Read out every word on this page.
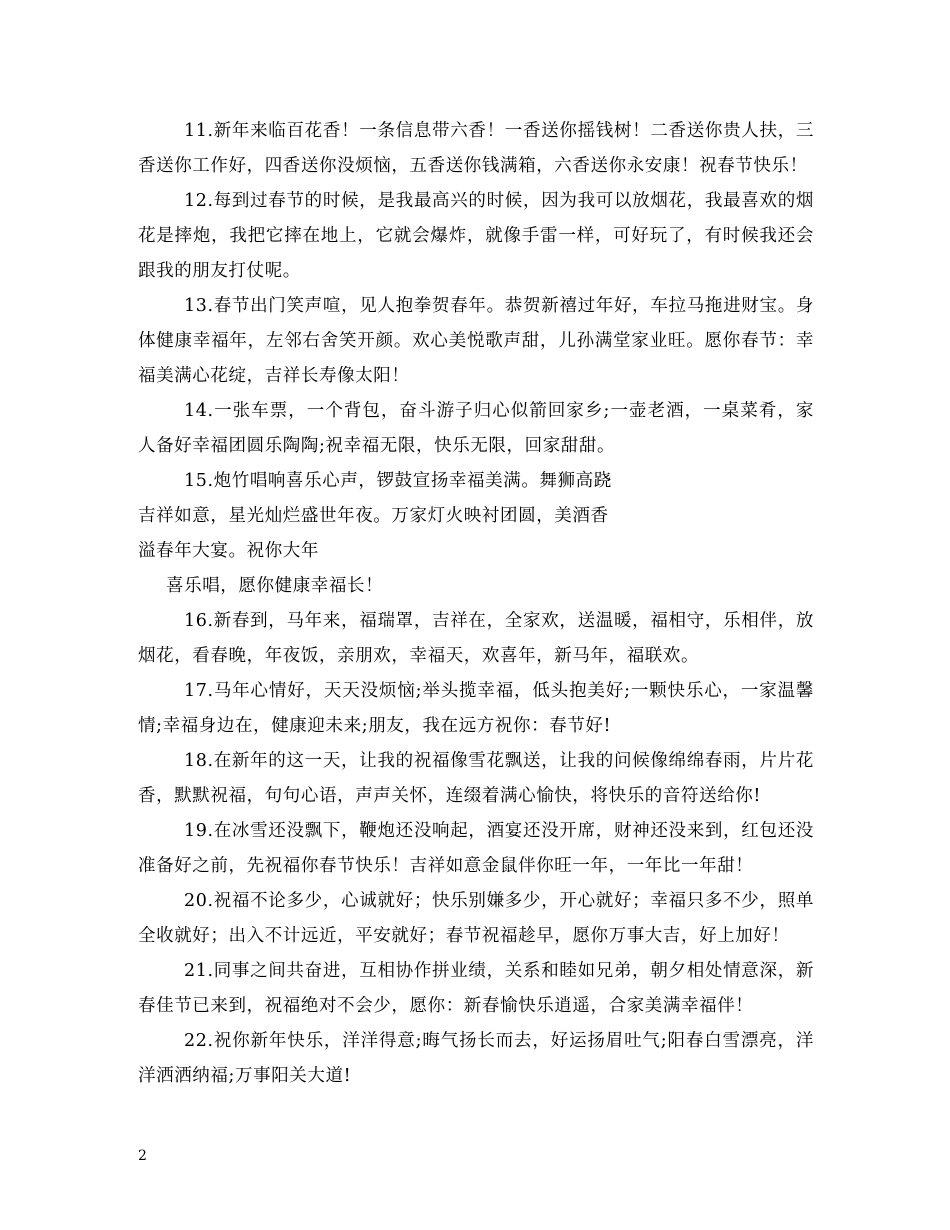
11.新年来临百花香！一条信息带六香！一香送你摇钱树！二香送你贵人扶，三香送你工作好，四香送你没烦恼，五香送你钱满箱，六香送你永安康！祝春节快乐！

12.每到过春节的时候，是我最高兴的时候，因为我可以放烟花，我最喜欢的烟花是摔炮，我把它摔在地上，它就会爆炸，就像手雷一样，可好玩了，有时候我还会跟我的朋友打仗呢。

13.春节出门笑声喧，见人抱拳贺春年。恭贺新禧过年好，车拉马拖进财宝。身体健康幸福年，左邻右舍笑开颜。欢心美悦歌声甜，儿孙满堂家业旺。愿你春节：幸福美满心花绽，吉祥长寿像太阳！

14.一张车票，一个背包，奋斗游子归心似箭回家乡;一壶老酒，一桌菜肴，家人备好幸福团圆乐陶陶;祝幸福无限，快乐无限，回家甜甜。

15.炮竹唱响喜乐心声，锣鼓宣扬幸福美满。舞狮高跷吉祥如意，星光灿烂盛世年夜。万家灯火映衬团圆，美酒香溢春年大宴。祝你大年

喜乐唱，愿你健康幸福长！

16.新春到，马年来，福瑞罩，吉祥在，全家欢，送温暖，福相守，乐相伴，放烟花，看春晚，年夜饭，亲朋欢，幸福天，欢喜年，新马年，福联欢。

17.马年心情好，天天没烦恼;举头揽幸福，低头抱美好;一颗快乐心，一家温馨情;幸福身边在，健康迎未来;朋友，我在远方祝你：春节好!

18.在新年的这一天，让我的祝福像雪花飘送，让我的问候像绵绵春雨，片片花香，默默祝福，句句心语，声声关怀，连缀着满心愉快，将快乐的音符送给你!

19.在冰雪还没飘下，鞭炮还没响起，酒宴还没开席，财神还没来到，红包还没准备好之前，先祝福你春节快乐！吉祥如意金鼠伴你旺一年，一年比一年甜！

20.祝福不论多少，心诚就好；快乐别嫌多少，开心就好；幸福只多不少，照单全收就好；出入不计远近，平安就好；春节祝福趁早，愿你万事大吉，好上加好！

21.同事之间共奋进，互相协作拼业绩，关系和睦如兄弟，朝夕相处情意深，新春佳节已来到，祝福绝对不会少，愿你：新春愉快乐逍遥，合家美满幸福伴！

22.祝你新年快乐，洋洋得意;晦气扬长而去，好运扬眉吐气;阳春白雪漂亮，洋洋洒洒纳福;万事阳关大道!

2
